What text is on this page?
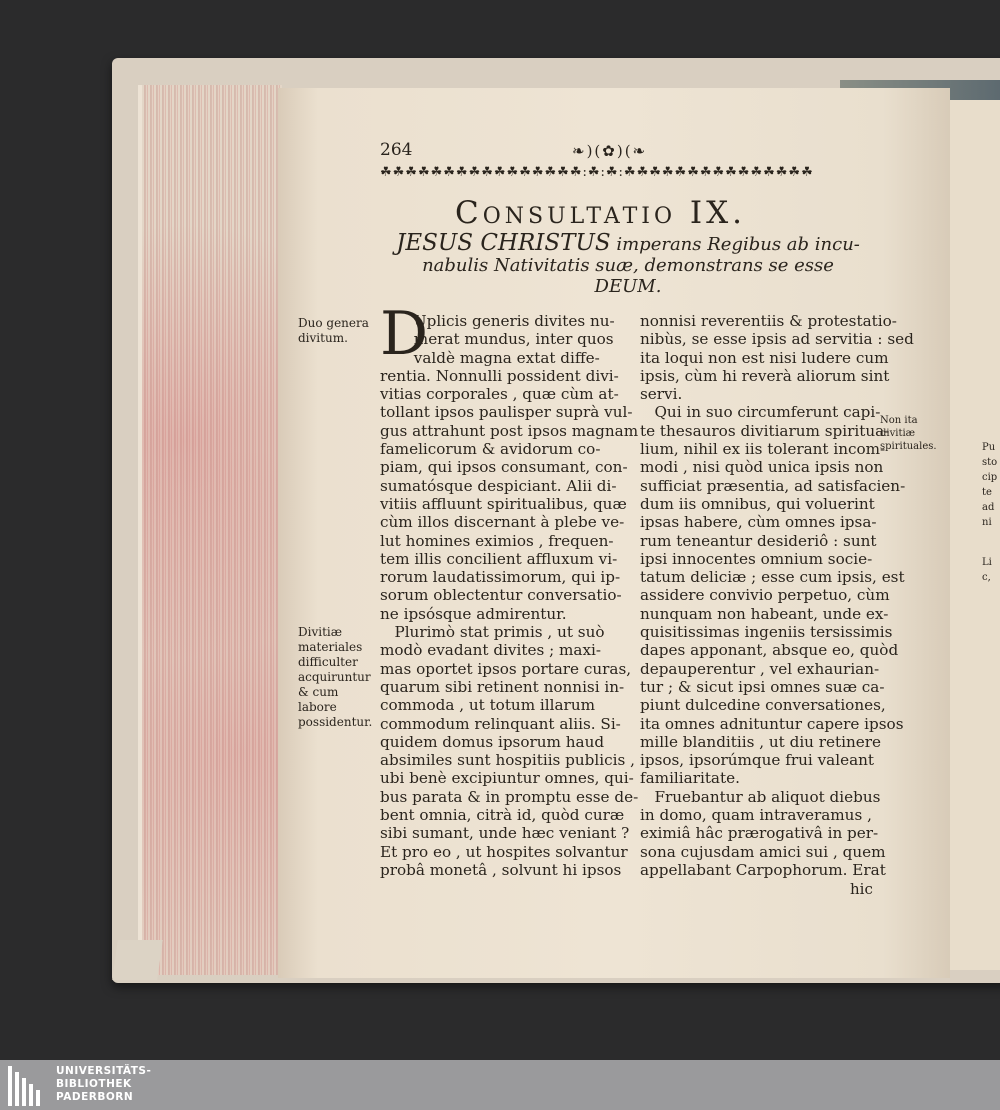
Pu
sto
cip
te
ad
ni
Li
c,
264	❧)(✿)(❧
☘☘☘☘☘☘☘☘☘☘☘☘☘☘☘☘:☘:☘:☘☘☘☘☘☘☘☘☘☘☘☘☘☘☘
Consultatio IX.
JESUS CHRISTUS imperans Regibus ab incu-
nabulis Nativitatis suæ, demonstrans se esse
DEUM.
Duo genera divitum.
Divitiæ materiales difficulter acquiruntur & cum labore possidentur.
Non ita divitiæ spirituales.
D
Uplicis generis divites nu-
merat mundus, inter quos
valdè magna extat diffe-
rentia. Nonnulli possident divi-
vitias corporales , quæ cùm at-
tollant ipsos paulisper suprà vul-
gus attrahunt post ipsos magnam
famelicorum & avidorum co-
piam, qui ipsos consumant, con-
sumatósque despiciant. Alii di-
vitiis affluunt spiritualibus, quæ
cùm illos discernant à plebe ve-
lut homines eximios , frequen-
tem illis concilient affluxum vi-
rorum laudatissimorum, qui ip-
sorum oblectentur conversatio-
ne ipsósque admirentur.
Plurimò stat primis , ut suò
modò evadant divites ; maxi-
mas oportet ipsos portare curas,
quarum sibi retinent nonnisi in-
commoda , ut totum illarum
commodum relinquant aliis. Si-
quidem domus ipsorum haud
absimiles sunt hospitiis publicis ,
ubi benè excipiuntur omnes, qui-
bus parata & in promptu esse de-
bent omnia, citrà id, quòd curæ
sibi sumant, unde hæc veniant ?
Et pro eo , ut hospites solvantur
probâ monetâ , solvunt hi ipsos
nonnisi reverentiis & protestatio-
nibùs, se esse ipsis ad servitia : sed
ita loqui non est nisi ludere cum
ipsis, cùm hi reverà aliorum sint
servi.
Qui in suo circumferunt capi-
te thesauros divitiarum spiritua-
lium, nihil ex iis tolerant incom-
modi , nisi quòd unica ipsis non
sufficiat præsentia, ad satisfacien-
dum iis omnibus, qui voluerint
ipsas habere, cùm omnes ipsa-
rum teneantur desideriô : sunt
ipsi innocentes omnium socie-
tatum deliciæ ; esse cum ipsis, est
assidere convivio perpetuo, cùm
nunquam non habeant, unde ex-
quisitissimas ingeniis tersissimis
dapes apponant, absque eo, quòd
depauperentur , vel exhaurian-
tur ; & sicut ipsi omnes suæ ca-
piunt dulcedine conversationes,
ita omnes adnituntur capere ipsos
mille blanditiis , ut diu retinere
ipsos, ipsorúmque frui valeant
familiaritate.
Fruebantur ab aliquot diebus
in domo, quam intraveramus ,
eximiâ hâc prærogativâ in per-
sona cujusdam amici sui , quem
appellabant Carpophorum. Erat
hic
UNIVERSITÄTS-
BIBLIOTHEK
PADERBORN
